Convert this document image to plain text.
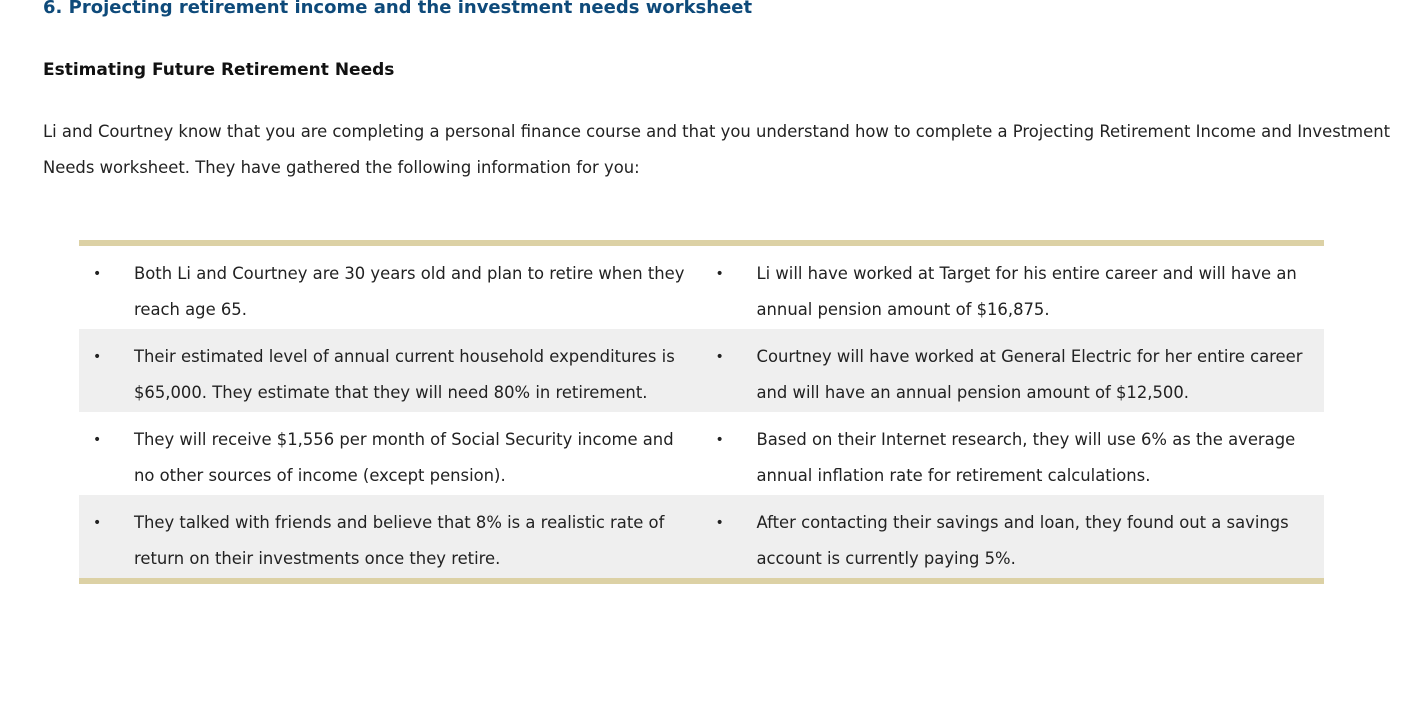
6. Projecting retirement income and the investment needs worksheet
Estimating Future Retirement Needs

Li and Courtney know that you are completing a personal finance course and that you understand how to complete a Projecting Retirement Income and Investment Needs worksheet. They have gathered the following information for you:

• Both Li and Courtney are 30 years old and plan to retire when they reach age 65.
• Li will have worked at Target for his entire career and will have an annual pension amount of $16,875.
• Their estimated level of annual current household expenditures is $65,000. They estimate that they will need 80% in retirement.
• Courtney will have worked at General Electric for her entire career and will have an annual pension amount of $12,500.
• They will receive $1,556 per month of Social Security income and no other sources of income (except pension).
• Based on their Internet research, they will use 6% as the average annual inflation rate for retirement calculations.
• They talked with friends and believe that 8% is a realistic rate of return on their investments once they retire.
• After contacting their savings and loan, they found out a savings account is currently paying 5%.
